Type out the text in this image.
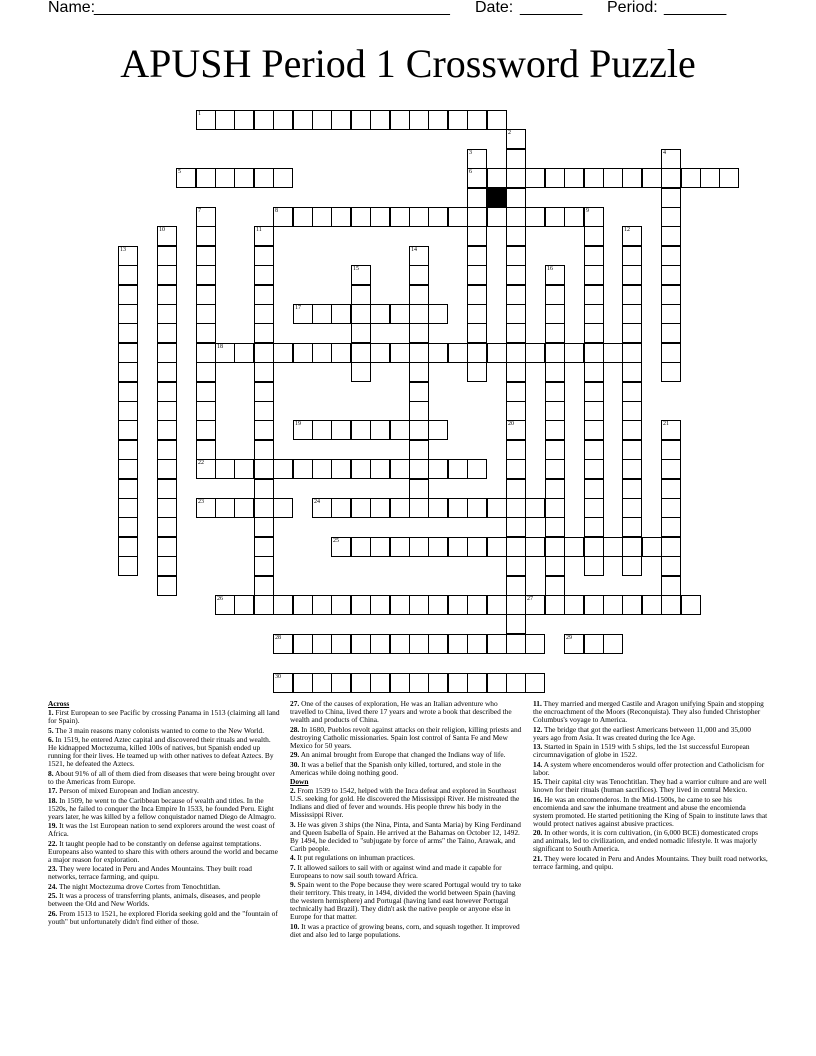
Name:
________________________________________ Date: _______ Period: _______
APUSH Period 1 Crossword Puzzle
1
2
20
3
6
4
5
7
22
8	9
10	11	12
13	14
15	16
17
18
19	21
23	24
25
26	27
28	29
30

Across

1. First European to see Pacific by crossing Panama in 1513 (claiming all land for Spain).

5. The 3 main reasons many colonists wanted to come to the New World.

6. In 1519, he entered Aztec capital and discovered their rituals and wealth. He kidnapped Moctezuma, killed 100s of natives, but Spanish ended up running for their lives. He teamed up with other natives to defeat Aztecs. By 1521, he defeated the Aztecs.

8. About 91% of all of them died from diseases that were being brought over to the Americas from Europe.

17. Person of mixed European and Indian ancestry.

18. In 1509, he went to the Caribbean because of wealth and titles. In the 1520s, he failed to conquer the Inca Empire In 1533, he founded Peru. Eight years later, he was killed by a fellow conquistador named Diego de Almagro.

19. It was the 1st European nation to send explorers around the west coast of Africa.

22. It taught people had to be constantly on defense against temptations. Europeans also wanted to share this with others around the world and became a major reason for exploration.

23. They were located in Peru and Andes Mountains. They built road networks, terrace farming, and quipu.

24. The night Moctezuma drove Cortes from Tenochtitlan.

25. It was a process of transferring plants, animals, diseases, and people between the Old and New Worlds.

26. From 1513 to 1521, he explored Florida seeking gold and the "fountain of youth" but unfortunately didn't find either of those.

27. One of the causes of exploration, He was an Italian adventure who travelled to China, lived there 17 years and wrote a book that described the wealth and products of China.

28. In 1680, Pueblos revolt against attacks on their religion, killing priests and destroying Catholic missionaries. Spain lost control of Santa Fe and Mew Mexico for 50 years.

29. An animal brought from Europe that changed the Indians way of life.

30. It was a belief that the Spanish only killed, tortured, and stole in the Americas while doing nothing good.

Down

2. From 1539 to 1542, helped with the Inca defeat and explored in Southeast U.S. seeking for gold. He discovered the Mississippi River. He mistreated the Indians and died of fever and wounds. His people threw his body in the Mississippi River.

3. He was given 3 ships (the Nina, Pinta, and Santa Maria) by King Ferdinand and Queen Isabella of Spain. He arrived at the Bahamas on October 12, 1492. By 1494, he decided to "subjugate by force of arms" the Taino, Arawak, and Carib people.

4. It put regulations on inhuman practices.

7. It allowed sailors to sail with or against wind and made it capable for Europeans to now sail south toward Africa.

9. Spain went to the Pope because they were scared Portugal would try to take their territory. This treaty, in 1494, divided the world between Spain (having the western hemisphere) and Portugal (having land east however Portugal technically had Brazil). They didn't ask the native people or anyone else in Europe for that matter.

10. It was a practice of growing beans, corn, and squash together. It improved diet and also led to large populations.

11. They married and merged Castile and Aragon unifying Spain and stopping the encroachment of the Moors (Reconquista). They also funded Christopher Columbus's voyage to America.

12. The bridge that got the earliest Americans between 11,000 and 35,000 years ago from Asia. It was created during the Ice Age.

13. Started in Spain in 1519 with 5 ships, led the 1st successful European circumnavigation of globe in 1522.

14. A system where encomenderos would offer protection and Catholicism for labor.

15. Their capital city was Tenochtitlan. They had a warrior culture and are well known for their rituals (human sacrifices). They lived in central Mexico.

16. He was an encomenderos. In the Mid-1500s, he came to see his encomienda and saw the inhumane treatment and abuse the encomienda system promoted. He started petitioning the King of Spain to institute laws that would protect natives against abusive practices.

20. In other words, it is corn cultivation, (in 6,000 BCE) domesticated crops and animals, led to civilization, and ended nomadic lifestyle. It was majorly significant to South America.

21. They were located in Peru and Andes Mountains. They built road networks, terrace farming, and quipu.
